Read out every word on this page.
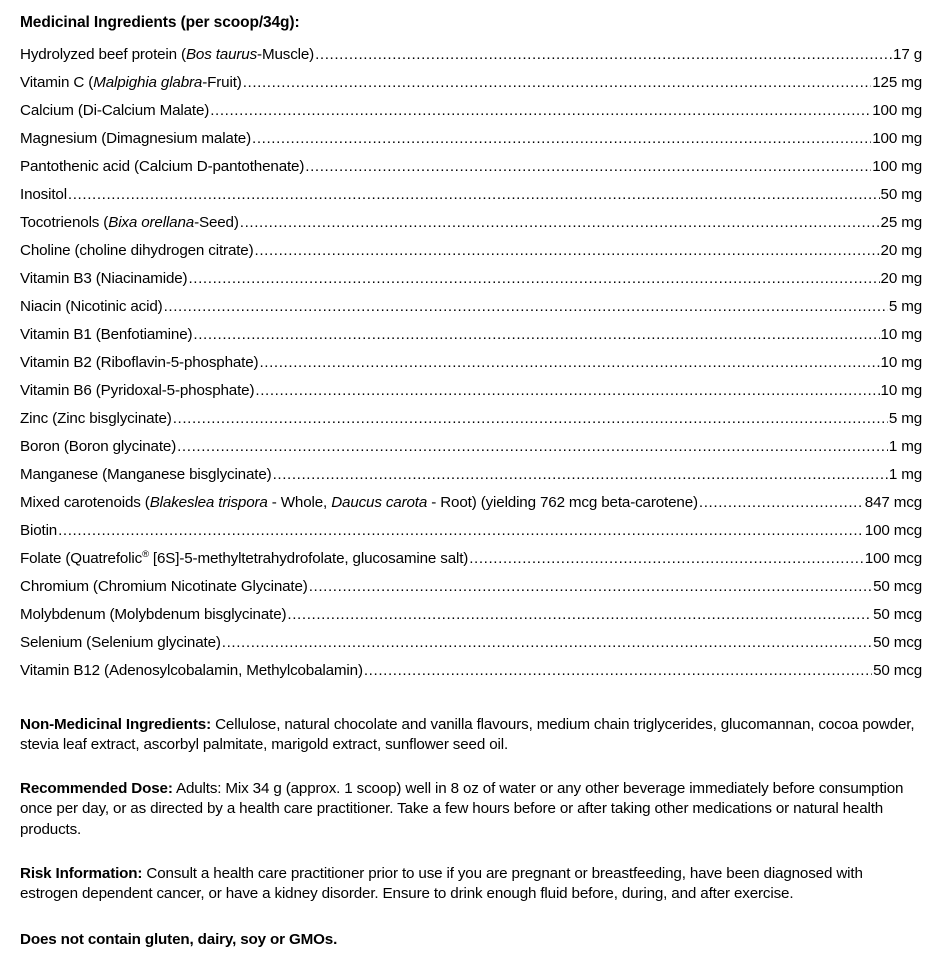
Medicinal Ingredients (per scoop/34g):
Hydrolyzed beef protein (Bos taurus-Muscle) .....	17 g
Vitamin C (Malpighia glabra-Fruit) .....	125 mg
Calcium (Di-Calcium Malate) .....	100 mg
Magnesium (Dimagnesium malate) .....	100 mg
Pantothenic acid (Calcium D-pantothenate) .....	100 mg
Inositol .....	50 mg
Tocotrienols (Bixa orellana-Seed) .....	25 mg
Choline (choline dihydrogen citrate) .....	20 mg
Vitamin B3 (Niacinamide) .....	20 mg
Niacin (Nicotinic acid) .....	5 mg
Vitamin B1 (Benfotiamine) .....	10 mg
Vitamin B2 (Riboflavin-5-phosphate) .....	10 mg
Vitamin B6 (Pyridoxal-5-phosphate) .....	10 mg
Zinc (Zinc bisglycinate) .....	5 mg
Boron (Boron glycinate) .....	1 mg
Manganese (Manganese bisglycinate) .....	1 mg
Mixed carotenoids (Blakeslea trispora - Whole, Daucus carota - Root) (yielding 762 mcg beta-carotene) .....	847 mcg
Biotin .....	100 mcg
Folate (Quatrefolic® [6S]-5-methyltetrahydrofolate, glucosamine salt) .....	100 mcg
Chromium (Chromium Nicotinate Glycinate) .....	50 mcg
Molybdenum (Molybdenum bisglycinate) .....	50 mcg
Selenium (Selenium glycinate) .....	50 mcg
Vitamin B12 (Adenosylcobalamin, Methylcobalamin) .....	50 mcg

Non-Medicinal Ingredients: Cellulose, natural chocolate and vanilla flavours, medium chain triglycerides, glucomannan, cocoa powder, stevia leaf extract, ascorbyl palmitate, marigold extract, sunflower seed oil.

Recommended Dose: Adults: Mix 34 g (approx. 1 scoop) well in 8 oz of water or any other beverage immediately before consumption once per day, or as directed by a health care practitioner. Take a few hours before or after taking other medications or natural health products.

Risk Information: Consult a health care practitioner prior to use if you are pregnant or breastfeeding, have been diagnosed with estrogen dependent cancer, or have a kidney disorder. Ensure to drink enough fluid before, during, and after exercise.

Does not contain gluten, dairy, soy or GMOs.
